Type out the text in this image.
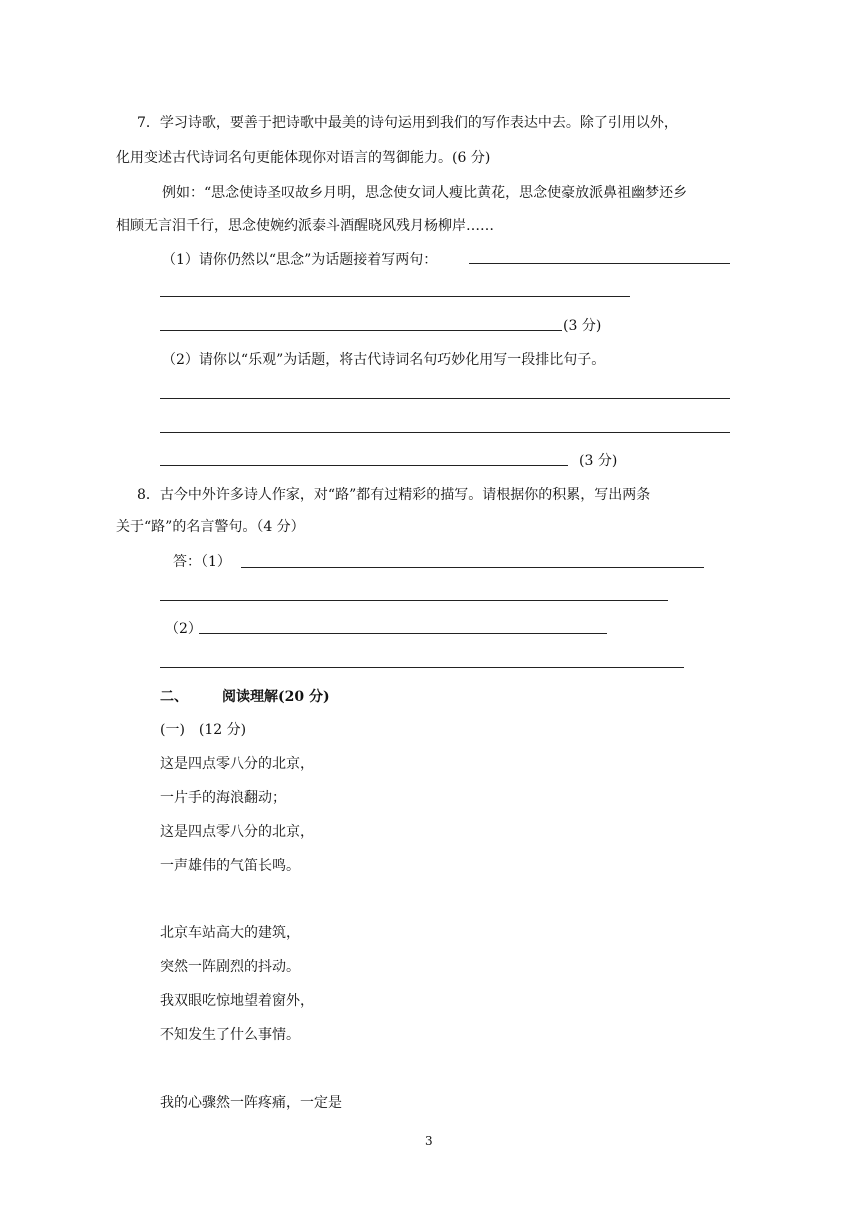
7．学习诗歌，要善于把诗歌中最美的诗句运用到我们的写作表达中去。除了引用以外，
化用变述古代诗词名句更能体现你对语言的驾御能力。(6 分)
例如：“思念使诗圣叹故乡月明，思念使女词人瘦比黄花，思念使豪放派鼻祖幽梦还乡
相顾无言泪千行，思念使婉约派泰斗酒醒晓风残月杨柳岸……
（1）请你仍然以“思念”为话题接着写两句：
(3 分)
（2）请你以“乐观”为话题，将古代诗词名句巧妙化用写一段排比句子。
(3 分)
8．古今中外许多诗人作家，对“路”都有过精彩的描写。请根据你的积累，写出两条
关于“路”的名言警句。（4 分）
答：（1）
（2）
二、 阅读理解(20 分)
(一)　(12 分)
这是四点零八分的北京，
一片手的海浪翻动；
这是四点零八分的北京，
一声雄伟的气笛长鸣。
北京车站高大的建筑，
突然一阵剧烈的抖动。
我双眼吃惊地望着窗外，
不知发生了什么事情。
我的心骤然一阵疼痛，一定是
3
